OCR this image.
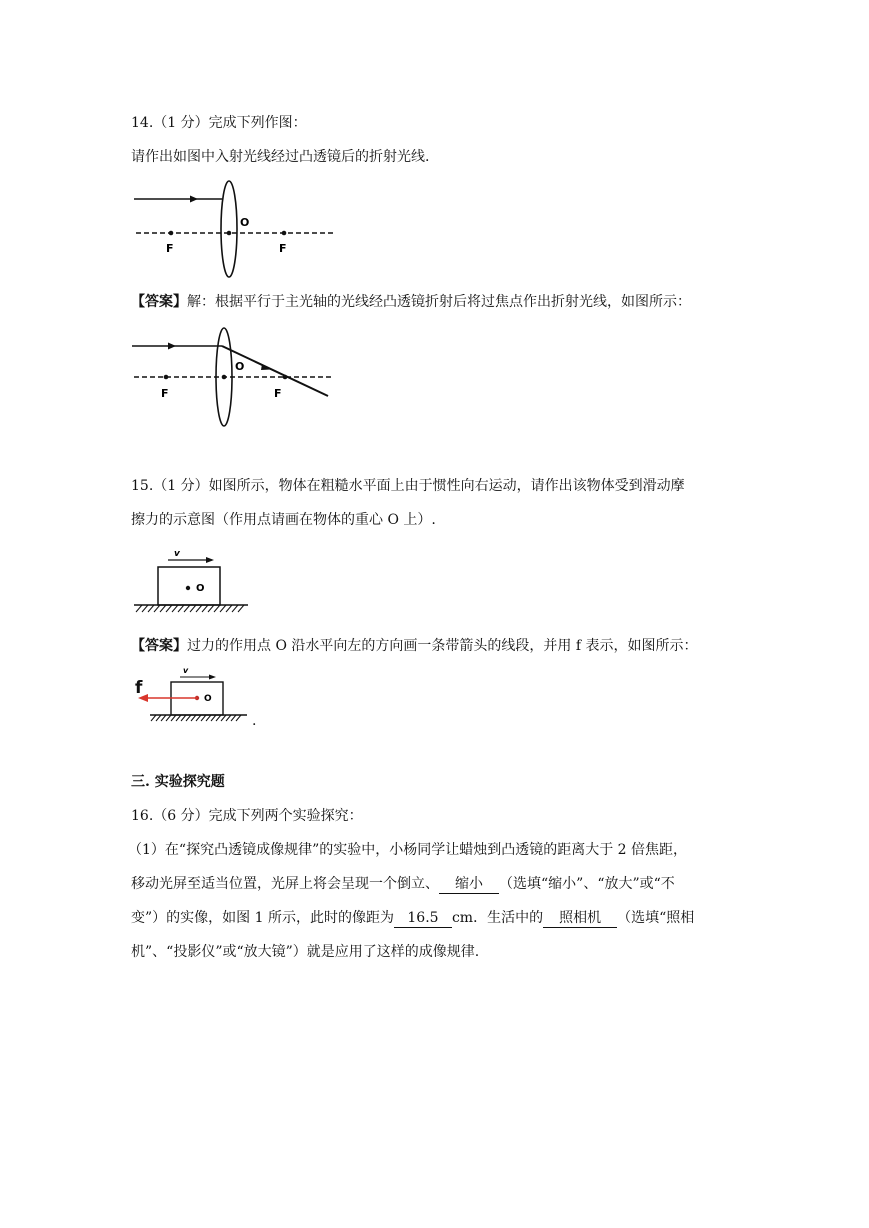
14.（1 分）完成下列作图：
请作出如图中入射光线经过凸透镜后的折射光线.
O
F	F
【答案】解：根据平行于主光轴的光线经凸透镜折射后将过焦点作出折射光线，如图所示：
O
F	F
15.（1 分）如图所示，物体在粗糙水平面上由于惯性向右运动，请作出该物体受到滑动摩
擦力的示意图（作用点请画在物体的重心 O 上）.
v
O
【答案】过力的作用点 O 沿水平向左的方向画一条带箭头的线段，并用 f 表示，如图所示：
v
O
f
.
三. 实验探究题
16.（6 分）完成下列两个实验探究：
（1）在“探究凸透镜成像规律”的实验中，小杨同学让蜡烛到凸透镜的距离大于 2 倍焦距，
移动光屏至适当位置，光屏上将会呈现一个倒立、 缩小 （选填“缩小”、“放大”或“不
变”）的实像，如图 1 所示，此时的像距为 16.5 cm．生活中的 照相机 （选填“照相
机”、“投影仪”或“放大镜”）就是应用了这样的成像规律.
